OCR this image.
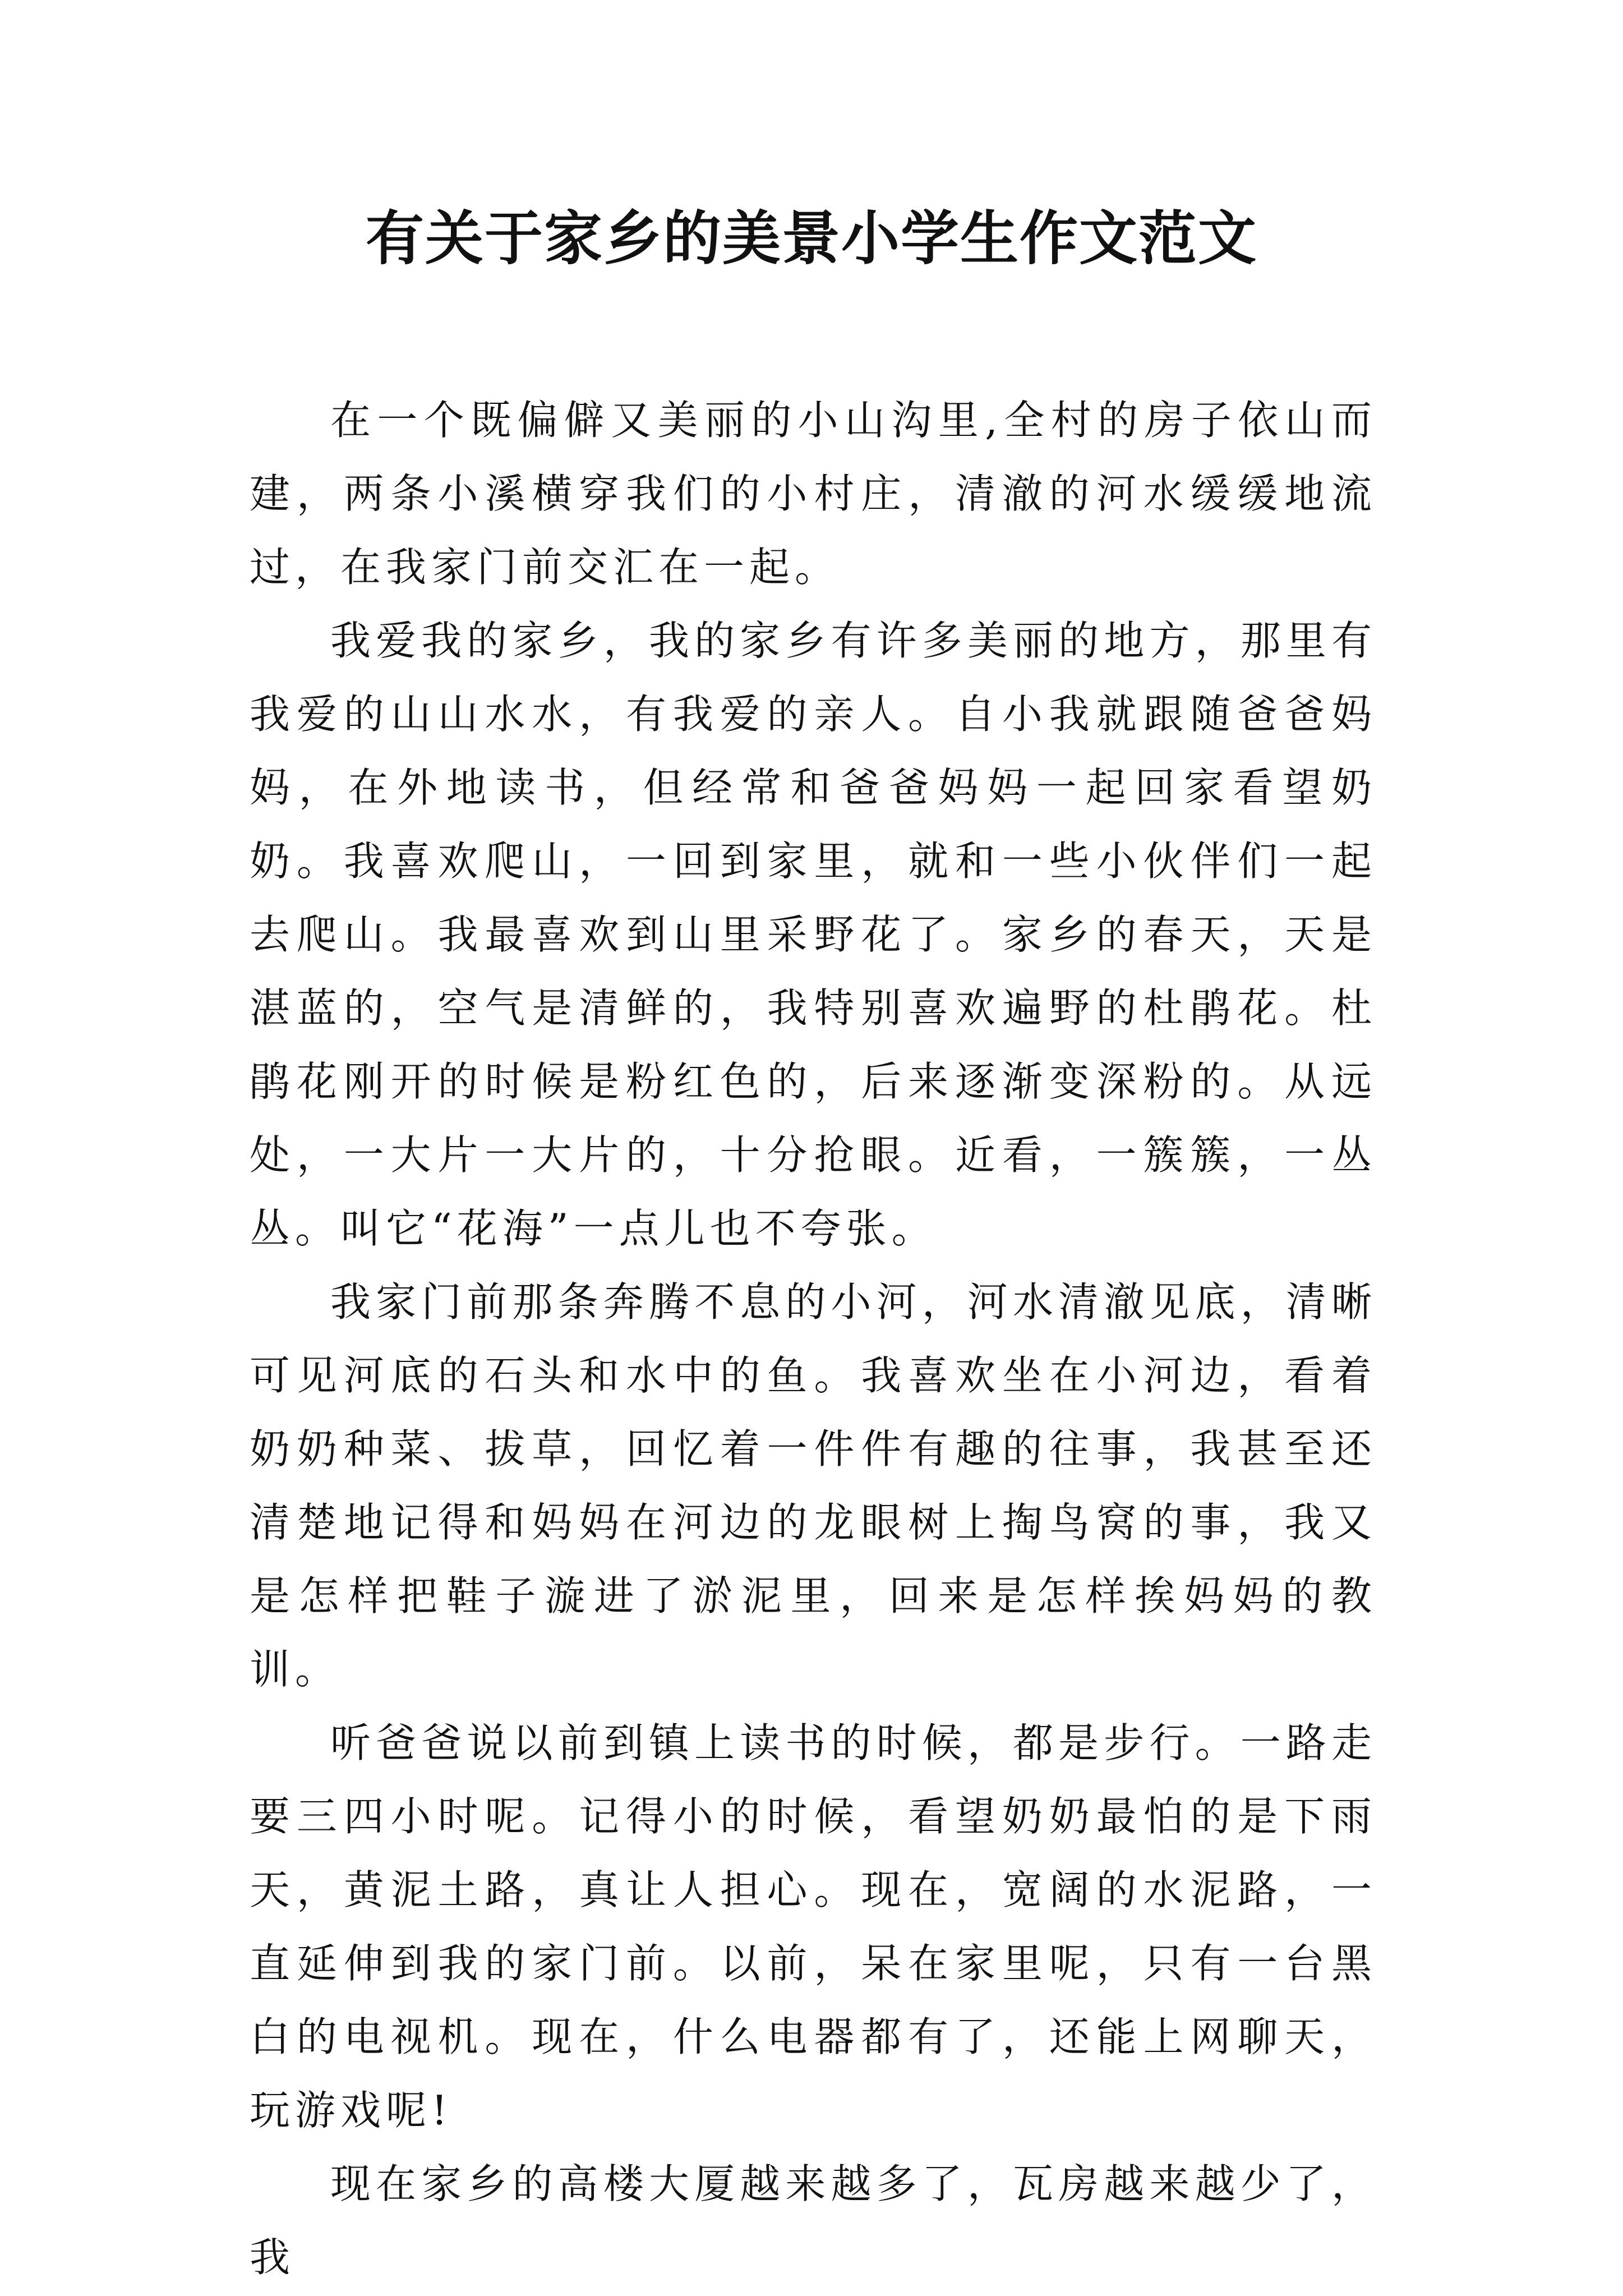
有关于家乡的美景小学生作文范文

在一个既偏僻又美丽的小山沟里,全村的房子依山而建，两条小溪横穿我们的小村庄，清澈的河水缓缓地流过，在我家门前交汇在一起。

我爱我的家乡，我的家乡有许多美丽的地方，那里有我爱的山山水水，有我爱的亲人。自小我就跟随爸爸妈妈，在外地读书，但经常和爸爸妈妈一起回家看望奶奶。我喜欢爬山，一回到家里，就和一些小伙伴们一起去爬山。我最喜欢到山里采野花了。家乡的春天，天是湛蓝的，空气是清鲜的，我特别喜欢遍野的杜鹃花。杜鹃花刚开的时候是粉红色的，后来逐渐变深粉的。从远处，一大片一大片的，十分抢眼。近看，一簇簇，一丛丛。叫它“花海”一点儿也不夸张。

我家门前那条奔腾不息的小河，河水清澈见底，清晰可见河底的石头和水中的鱼。我喜欢坐在小河边，看着奶奶种菜、拔草，回忆着一件件有趣的往事，我甚至还清楚地记得和妈妈在河边的龙眼树上掏鸟窝的事，我又是怎样把鞋子漩进了淤泥里，回来是怎样挨妈妈的教训。

听爸爸说以前到镇上读书的时候，都是步行。一路走要三四小时呢。记得小的时候，看望奶奶最怕的是下雨天，黄泥土路，真让人担心。现在，宽阔的水泥路，一直延伸到我的家门前。以前，呆在家里呢，只有一台黑白的电视机。现在，什么电器都有了，还能上网聊天，玩游戏呢!

现在家乡的高楼大厦越来越多了，瓦房越来越少了，我
